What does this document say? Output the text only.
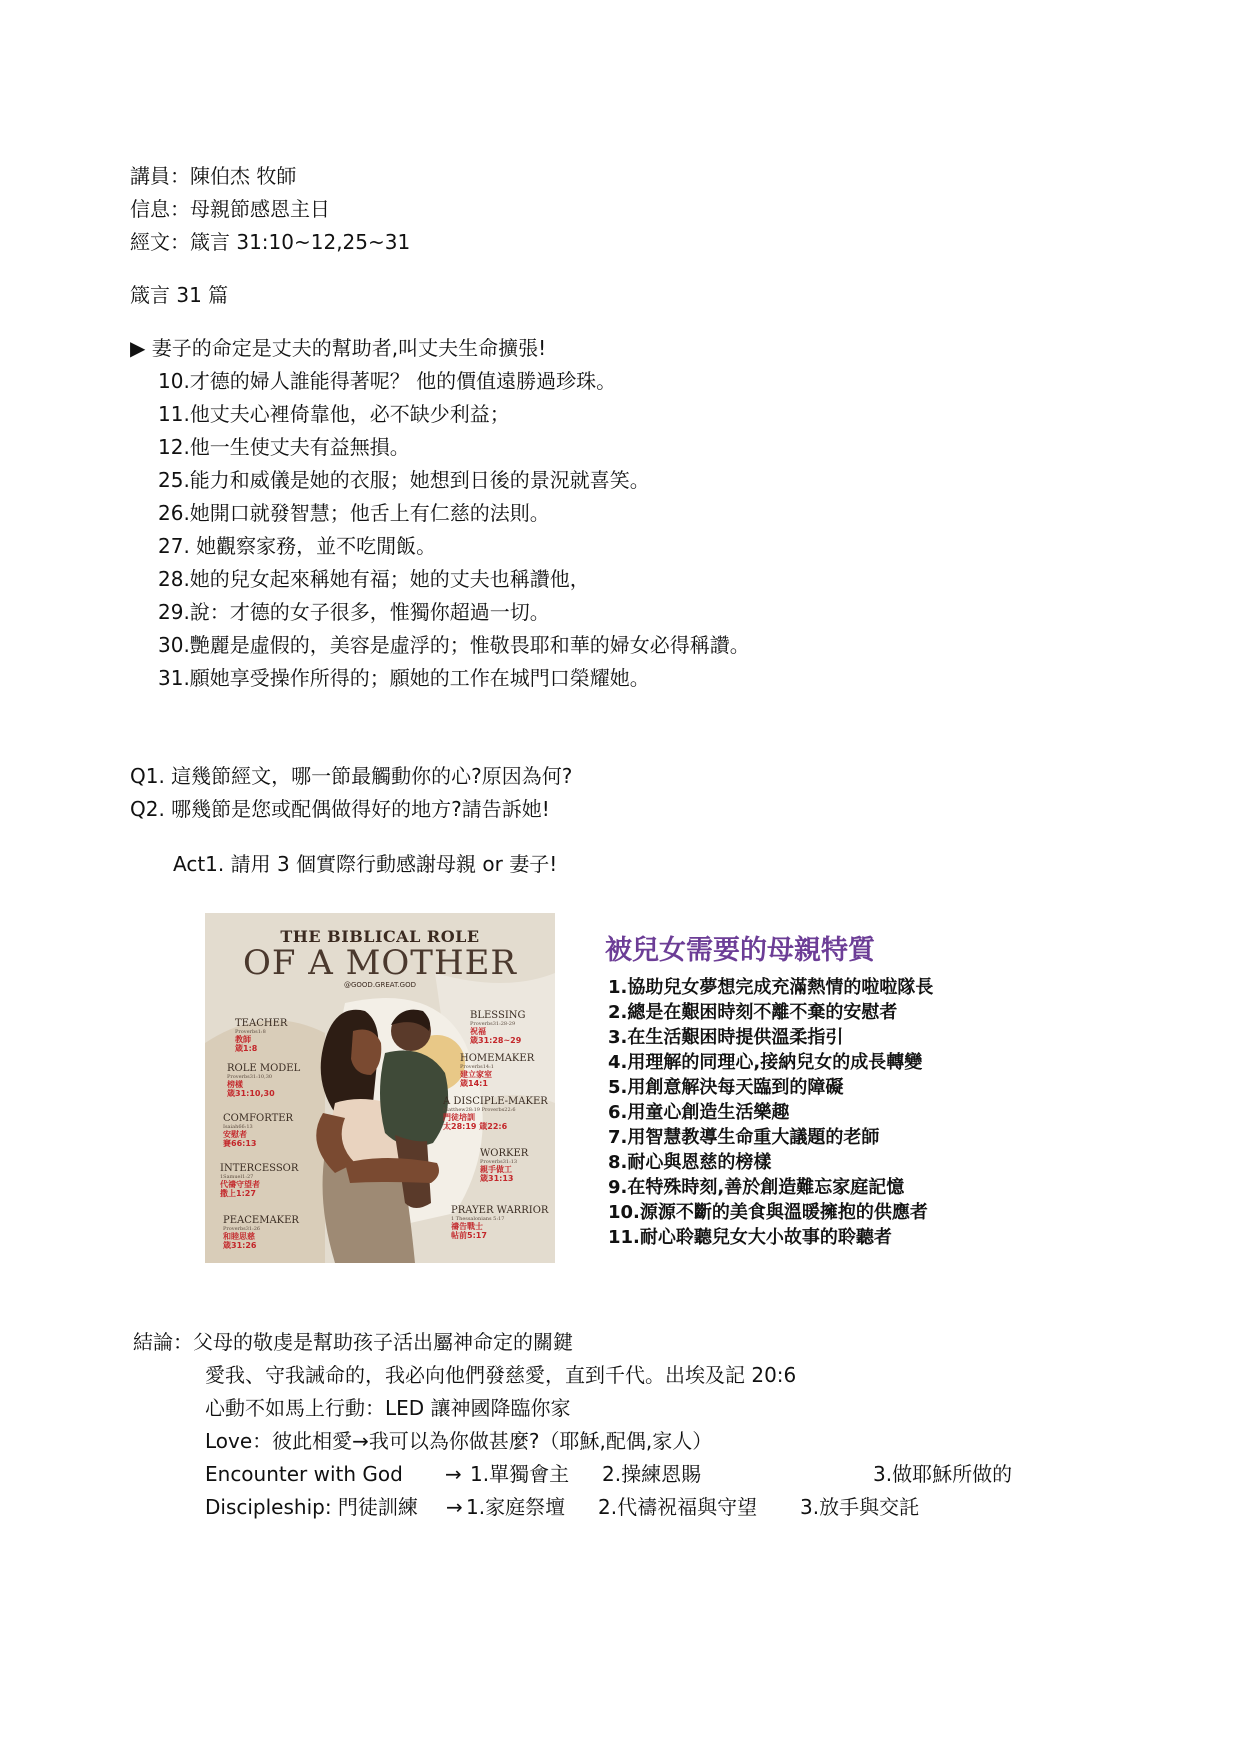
講員：陳伯杰 牧師
信息：母親節感恩主日
經文：箴言 31:10~12,25~31
箴言 31 篇
▶ 妻子的命定是丈夫的幫助者,叫丈夫生命擴張!
10.才德的婦人誰能得著呢？ 他的價值遠勝過珍珠。
11.他丈夫心裡倚靠他，必不缺少利益；
12.他一生使丈夫有益無損。
25.能力和威儀是她的衣服；她想到日後的景況就喜笑。
26.她開口就發智慧；他舌上有仁慈的法則。
27. 她觀察家務，並不吃閒飯。
28.她的兒女起來稱她有福；她的丈夫也稱讚他，
29.說：才德的女子很多，惟獨你超過一切。
30.艷麗是虛假的，美容是虛浮的；惟敬畏耶和華的婦女必得稱讚。
31.願她享受操作所得的；願她的工作在城門口榮耀她。
Q1. 這幾節經文，哪一節最觸動你的心?原因為何?
Q2. 哪幾節是您或配偶做得好的地方?請告訴她!
Act1. 請用 3 個實際行動感謝母親 or 妻子!
THE BIBLICAL ROLE
OF A MOTHER
@GOOD.GREAT.GOD
TEACHER
Proverbs1:8
教師
箴1:8
ROLE MODEL
Proverbs31:10,30
榜樣
箴31:10,30
COMFORTER
Isaiah66:13
安慰者
賽66:13
INTERCESSOR
1Samuel1:27
代禱守望者
撒上1:27
PEACEMAKER
Proverbs31:26
和睦思慈
箴31:26
BLESSING
Proverbs31:28-29
祝福
箴31:28~29
HOMEMAKER
Proverbs14:1
建立家室
箴14:1
A DISCIPLE-MAKER
Matthew28:19 Proverbs22:6
門徒培訓
太28:19 箴22:6
WORKER
Proverbs31:13
親手做工
箴31:13
PRAYER WARRIOR
1 Thessalonians 5:17
禱告戰士
帖前5:17
被兒女需要的母親特質
1.協助兒女夢想完成充滿熱情的啦啦隊長
2.總是在艱困時刻不離不棄的安慰者
3.在生活艱困時提供溫柔指引
4.用理解的同理心,接納兒女的成長轉變
5.用創意解決每天臨到的障礙
6.用童心創造生活樂趣
7.用智慧教導生命重大議題的老師
8.耐心與恩慈的榜樣
9.在特殊時刻,善於創造難忘家庭記憶
10.源源不斷的美食與溫暖擁抱的供應者
11.耐心聆聽兒女大小故事的聆聽者
結論：父母的敬虔是幫助孩子活出屬神命定的關鍵
愛我、守我誡命的，我必向他們發慈愛，直到千代。出埃及記 20:6
心動不如馬上行動：LED 讓神國降臨你家
Love：彼此相愛→我可以為你做甚麼?（耶穌,配偶,家人）
Encounter with God → 1.單獨會主 2.操練恩賜	3.做耶穌所做的
Discipleship: 門徒訓練 → 1.家庭祭壇 2.代禱祝福與守望 3.放手與交託
